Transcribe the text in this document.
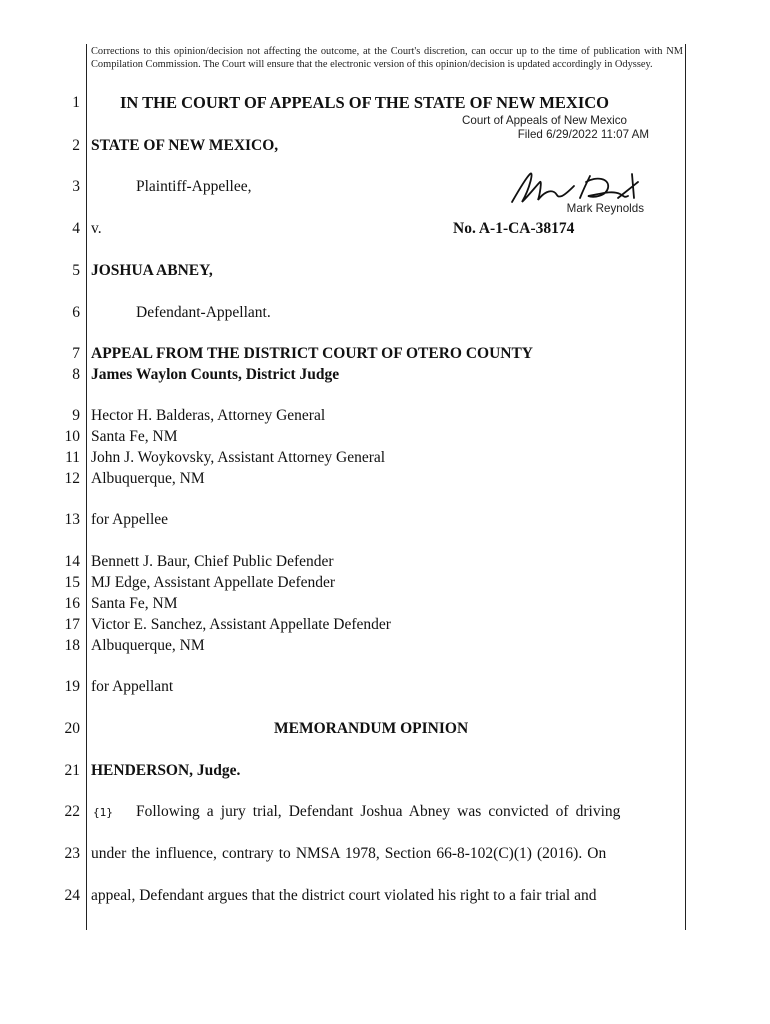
Corrections to this opinion/decision not affecting the outcome, at the Court's discretion, can occur up to the time of publication with NM Compilation Commission. The Court will ensure that the electronic version of this opinion/decision is updated accordingly in Odyssey.
1
2
3
4
5
6
7
8
9
10
11
12
13
14
15
16
17
18
19
20
21
22
23
24
IN THE COURT OF APPEALS OF THE STATE OF NEW MEXICO
Court of Appeals of New Mexico
Filed 6/29/2022 11:07 AM
Mark Reynolds
STATE OF NEW MEXICO,
Plaintiff-Appellee,
v.	No. A-1-CA-38174
JOSHUA ABNEY,
Defendant-Appellant.
APPEAL FROM THE DISTRICT COURT OF OTERO COUNTY
James Waylon Counts, District Judge
Hector H. Balderas, Attorney General
Santa Fe, NM
John J. Woykovsky, Assistant Attorney General
Albuquerque, NM
for Appellee
Bennett J. Baur, Chief Public Defender
MJ Edge, Assistant Appellate Defender
Santa Fe, NM
Victor E. Sanchez, Assistant Appellate Defender
Albuquerque, NM
for Appellant
MEMORANDUM OPINION
HENDERSON, Judge.
{1} Following a jury trial, Defendant Joshua Abney was convicted of driving
under the influence, contrary to NMSA 1978, Section 66-8-102(C)(1) (2016). On
appeal, Defendant argues that the district court violated his right to a fair trial and
